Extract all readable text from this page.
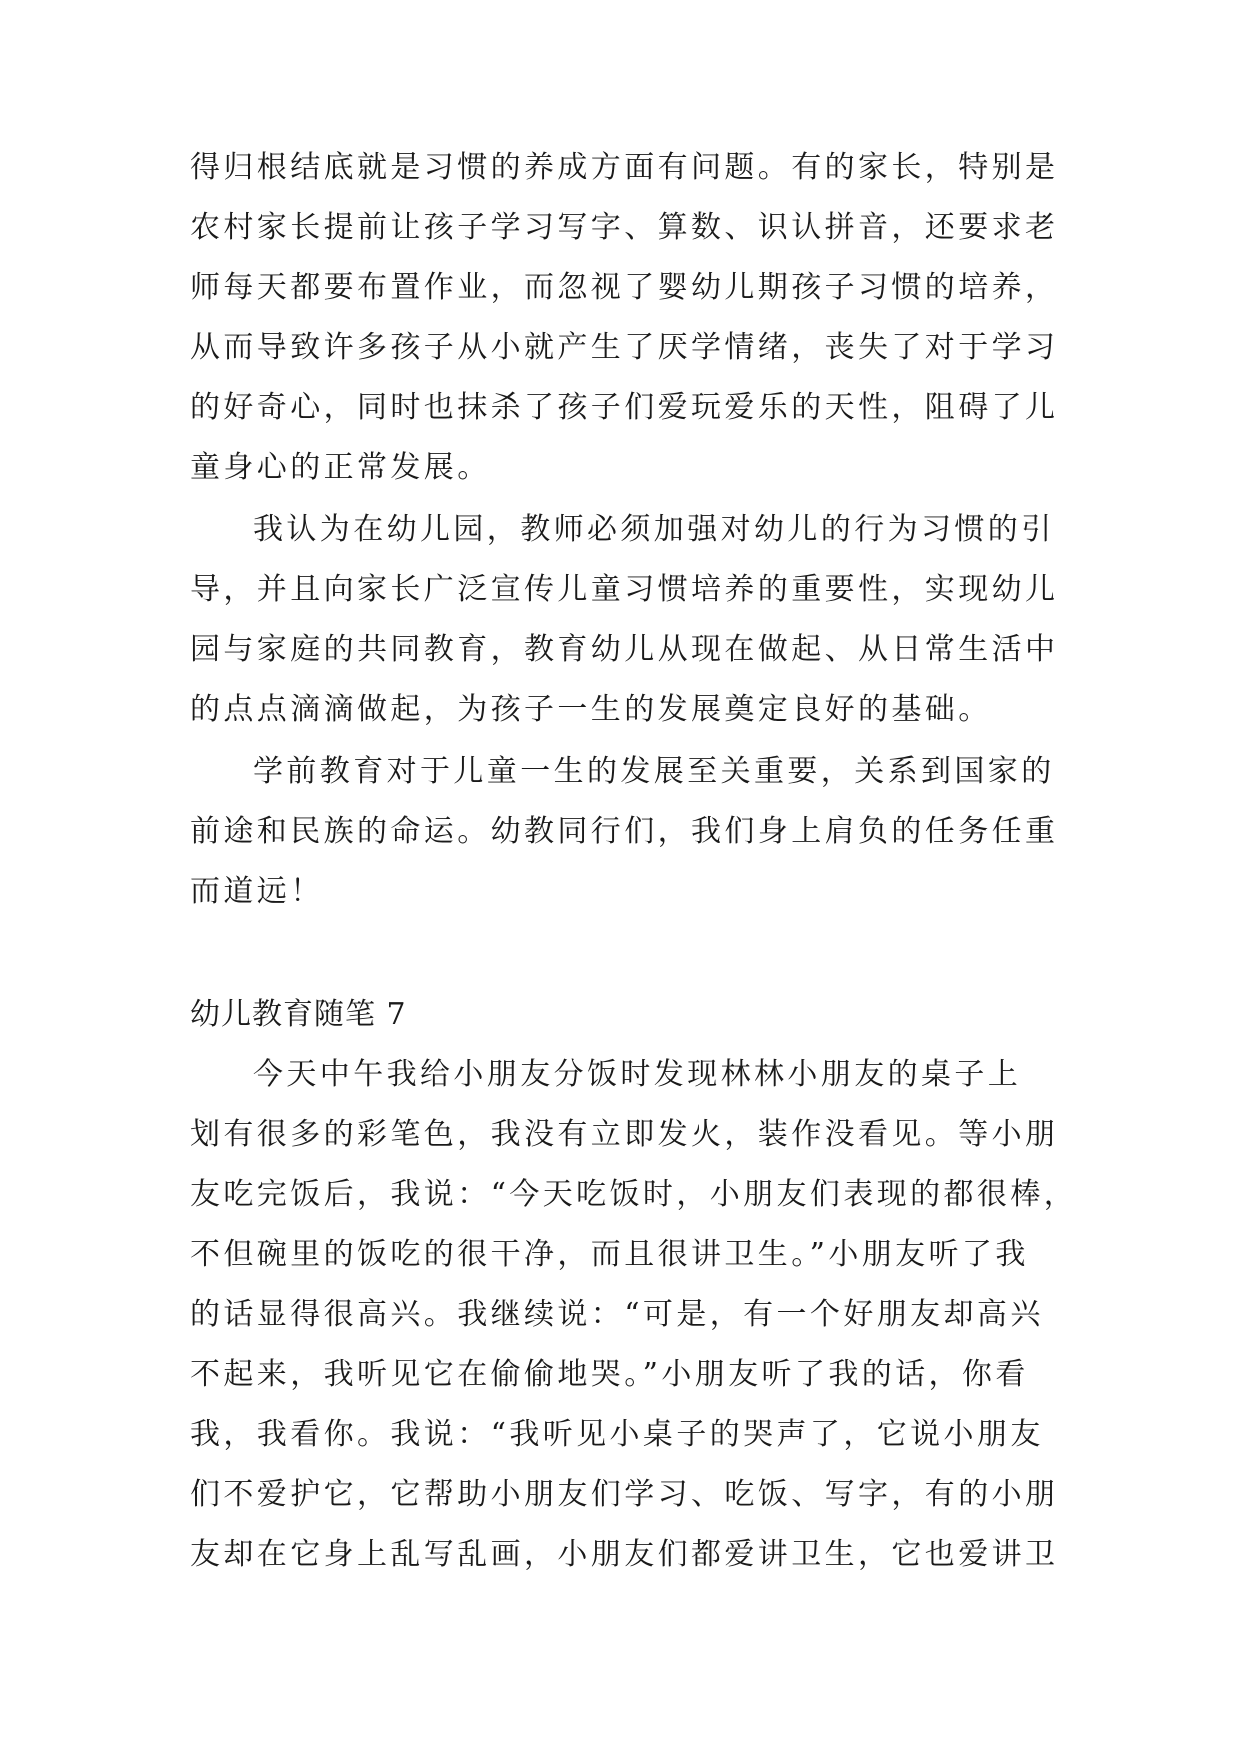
得归根结底就是习惯的养成方面有问题。有的家长，特别是
农村家长提前让孩子学习写字、算数、识认拼音，还要求老
师每天都要布置作业，而忽视了婴幼儿期孩子习惯的培养，
从而导致许多孩子从小就产生了厌学情绪，丧失了对于学习
的好奇心，同时也抹杀了孩子们爱玩爱乐的天性，阻碍了儿
童身心的正常发展。
我认为在幼儿园，教师必须加强对幼儿的行为习惯的引
导，并且向家长广泛宣传儿童习惯培养的重要性，实现幼儿
园与家庭的共同教育，教育幼儿从现在做起、从日常生活中
的点点滴滴做起，为孩子一生的发展奠定良好的基础。
学前教育对于儿童一生的发展至关重要，关系到国家的
前途和民族的命运。幼教同行们，我们身上肩负的任务任重
而道远！
幼儿教育随笔 7
今天中午我给小朋友分饭时发现林林小朋友的桌子上
划有很多的彩笔色，我没有立即发火，装作没看见。等小朋
友吃完饭后，我说：“今天吃饭时，小朋友们表现的都很棒，
不但碗里的饭吃的很干净，而且很讲卫生。”小朋友听了我
的话显得很高兴。我继续说：“可是，有一个好朋友却高兴
不起来，我听见它在偷偷地哭。”小朋友听了我的话，你看
我，我看你。我说：“我听见小桌子的哭声了，它说小朋友
们不爱护它，它帮助小朋友们学习、吃饭、写字，有的小朋
友却在它身上乱写乱画，小朋友们都爱讲卫生，它也爱讲卫
